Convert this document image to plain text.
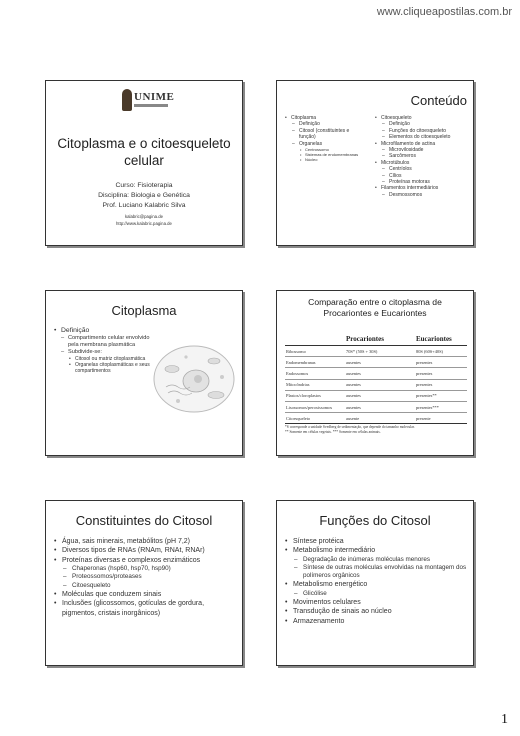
www.cliqueapostilas.com.br
UNIME
Citoplasma e o citoesqueleto
celular
Curso: Fisioterapia
Disciplina: Biologia e Genética
Prof. Luciano Kalabric Silva
kalabric@pagina.de
http://www.kalabric.pagina.de
Conteúdo
• Citoplasma
– Definição
– Citosol (constituintes e
função)
– Organelas
• Centrossomo
• Sistemas de endomembranas
• Núcleo
• Citoesqueleto
– Definição
– Funções do citoesqueleto
– Elementos do citoesqueleto
• Microfilamento de actina
– Microvilosidade
– Sarcômeros
• Microtúbulos
– Centríolos
– Cílios
– Proteínas motoras
• Filamentos intermediários
– Desmossomos
Citoplasma
• Definição
– Compartimento celular envolvido pela membrana plasmática
– Subdivide-se:
• Citosol ou matriz citoplasmática
• Organelas citoplasmáticas e seus compartimentos
Comparação entre o citoplasma de
Procariontes e Eucariontes
	Procariontes	Eucariontes
Ribossomo	70S* (50S + 30S)	80S (60S+40S)
Endomembranas	ausentes	presentes
Endossomos	ausentes	presentes
Mitocôndrias	ausentes	presentes
Plastos/cloroplastos	ausentes	presentes**
Lisossomos/peroxissomos	ausentes	presentes***
Citoesqueleto	ausente	presente
*S corresponde a unidade Svedberg de sedimentação, que depende do tamanho molecular.
** Somente em células vegetais. *** Somente em células animais.
Constituintes do Citosol
• Água, sais minerais, metabólitos (pH 7,2)
• Diversos tipos de RNAs (RNAm, RNAt, RNAr)
• Proteínas diversas e complexos enzimáticos
– Chaperonas (hsp60, hsp70, hsp90)
– Proteossomos/proteases
– Citoesqueleto
• Moléculas que conduzem sinais
• Inclusões (glicossomos, gotículas de gordura, pigmentos, cristais inorgânicos)
Funções do Citosol
• Síntese protéica
• Metabolismo intermediário
– Degradação de inúmeras moléculas menores
– Síntese de outras moléculas envolvidas na montagem dos polímeros orgânicos
• Metabolismo energético
– Glicólise
• Movimentos celulares
• Transdução de sinais ao núcleo
• Armazenamento
1
